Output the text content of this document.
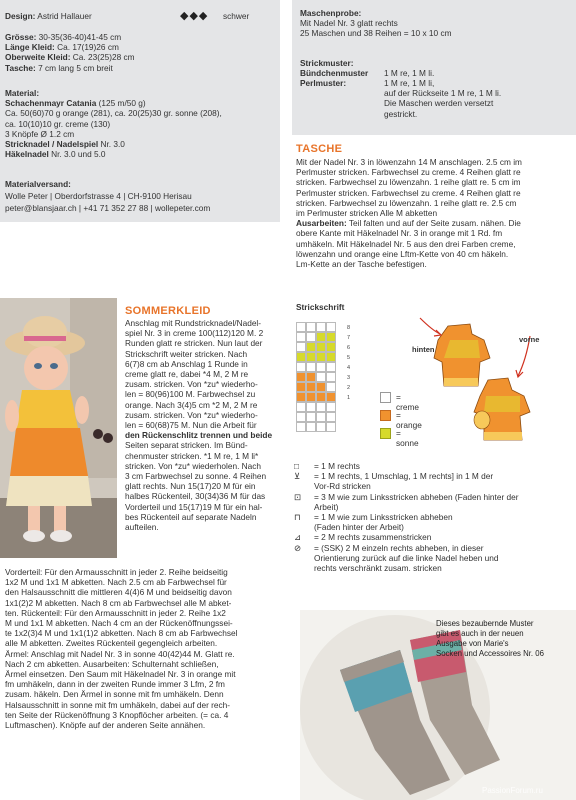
Design: Astrid Hallauer	◆◆◆ schwer
Grösse: 30-35(36-40)41-45 cm
Länge Kleid: Ca. 17(19)26 cm
Oberweite Kleid: Ca. 23(25)28 cm
Tasche: 7 cm lang 5 cm breit
Material:
Schachenmayr Catania (125 m/50 g)
Ca. 50(60)70 g orange (281), ca. 20(25)30 gr. sonne (208),
ca. 10(10)10 gr. creme (130)
3 Knöpfe Ø 1.2 cm
Stricknadel / Nadelspiel Nr. 3.0
Häkelnadel Nr. 3.0 und 5.0
Materialversand:
Wolle Peter | Oberdorfstrasse 4 | CH-9100 Herisau
peter@blansjaar.ch | +41 71 352 27 88 | wollepeter.com
Maschenprobe:
Mit Nadel Nr. 3 glatt rechts
25 Maschen und 38 Reihen = 10 x 10 cm
Strickmuster:
Bündchenmuster 1 M re, 1 M li.
Perlmuster:	1 M re, 1 M li,
auf der Rückseite 1 M re, 1 M li.
Die Maschen werden versetzt
gestrickt.
TASCHE
Mit der Nadel Nr. 3 in löwenzahn 14 M anschlagen. 2.5 cm im
Perlmuster stricken. Farbwechsel zu creme. 4 Reihen glatt re
stricken. Farbwechsel zu löwenzahn. 1 reihe glatt re. 5 cm im
Perlmuster stricken. Farbwechsel zu creme. 4 Reihen glatt re
stricken. Farbwechsel zu löwenzahn. 1 reihe glatt re. 2.5 cm
im Perlmuster stricken Alle M abketten
Ausarbeiten: Teil falten und auf der Seite zusam. nähen. Die
obere Kante mit Häkelnadel Nr. 3 in orange mit 1 Rd. fm
umhäkeln. Mit Häkelnadel Nr. 5 aus den drei Farben creme,
löwenzahn und orange eine Lftm-Kette von 40 cm häkeln.
Lm-Kette an der Tasche befestigen.
Strickschrift
8
7
6
5
4
3
2
1	= creme
= orange
= sonne
hinten
vorne
□ = 1 M rechts
⊻ = 1 M rechts, 1 Umschlag, 1 M rechts] in 1 M der
Vor-Rd stricken
⊡ = 3 M wie zum Linksstricken abheben (Faden hinter der
Arbeit)
⊓ = 1 M wie zum Linksstricken abheben
(Faden hinter der Arbeit)
⊿ = 2 M rechts zusammenstricken
⊘ = (SSK) 2 M einzeln rechts abheben, in dieser
Orientierung zurück auf die linke Nadel heben und
rechts verschränkt zusam. stricken
SOMMERKLEID
Anschlag mit Rundstricknadel/Nadel-
spiel Nr. 3 in creme 100(112)120 M. 2
Runden glatt re stricken. Nun laut der
Strickschrift weiter stricken. Nach
6(7)8 cm ab Anschlag 1 Runde in
creme glatt re, dabei *4 M, 2 M re
zusam. stricken. Von *zu* wiederho-
len = 80(96)100 M. Farbwechsel zu
orange. Nach 3(4)5 cm *2 M, 2 M re
zusam. stricken. Von *zu* wiederho-
len = 60(68)75 M. Nun die Arbeit für
den Rückenschlitz trennen und beide
Seiten separat stricken. Im Bünd-
chenmuster stricken. *1 M re, 1 M li*
stricken. Von *zu* wiederholen. Nach
3 cm Farbwechsel zu sonne. 4 Reihen
glatt rechts. Nun 15(17)20 M für ein
halbes Rückenteil, 30(34)36 M für das
Vorderteil und 15(17)19 M für ein hal-
bes Rückenteil auf separate Nadeln
aufteilen.
Vorderteil: Für den Armausschnitt in jeder 2. Reihe beidseitig
1x2 M und 1x1 M abketten. Nach 2.5 cm ab Farbwechsel für
den Halsausschnitt die mittleren 4(4)6 M und beidseitig davon
1x1(2)2 M abketten. Nach 8 cm ab Farbwechsel alle M abket-
ten. Rückenteil: Für den Armausschnitt in jeder 2. Reihe 1x2
M und 1x1 M abketten. Nach 4 cm an der Rückenöffnungssei-
te 1x2(3)4 M und 1x1(1)2 abketten. Nach 8 cm ab Farbwechsel
alle M abketten. Zweites Rückenteil gegengleich arbeiten.
Ärmel: Anschlag mit Nadel Nr. 3 in sonne 40(42)44 M. Glatt re.
Nach 2 cm abketten. Ausarbeiten: Schulternaht schließen,
Ärmel einsetzen. Den Saum mit Häkelnadel Nr. 3 in orange mit
fm umhäkeln, dann in der zweiten Runde immer 3 Lfm, 2 fm
zusam. häkeln. Den Ärmel in sonne mit fm umhäkeln. Denn
Halsausschnitt in sonne mit fm umhäkeln, dabei auf der rech-
ten Seite der Rückenöffnung 3 Knopflöcher arbeiten. (= ca. 4
Luftmaschen). Knöpfe auf der anderen Seite annähen.
Dieses bezaubernde Muster
gibt es auch in der neuen
Ausgabe von Marie's
Socken und Accessoires Nr. 06
PassionForum.ru
